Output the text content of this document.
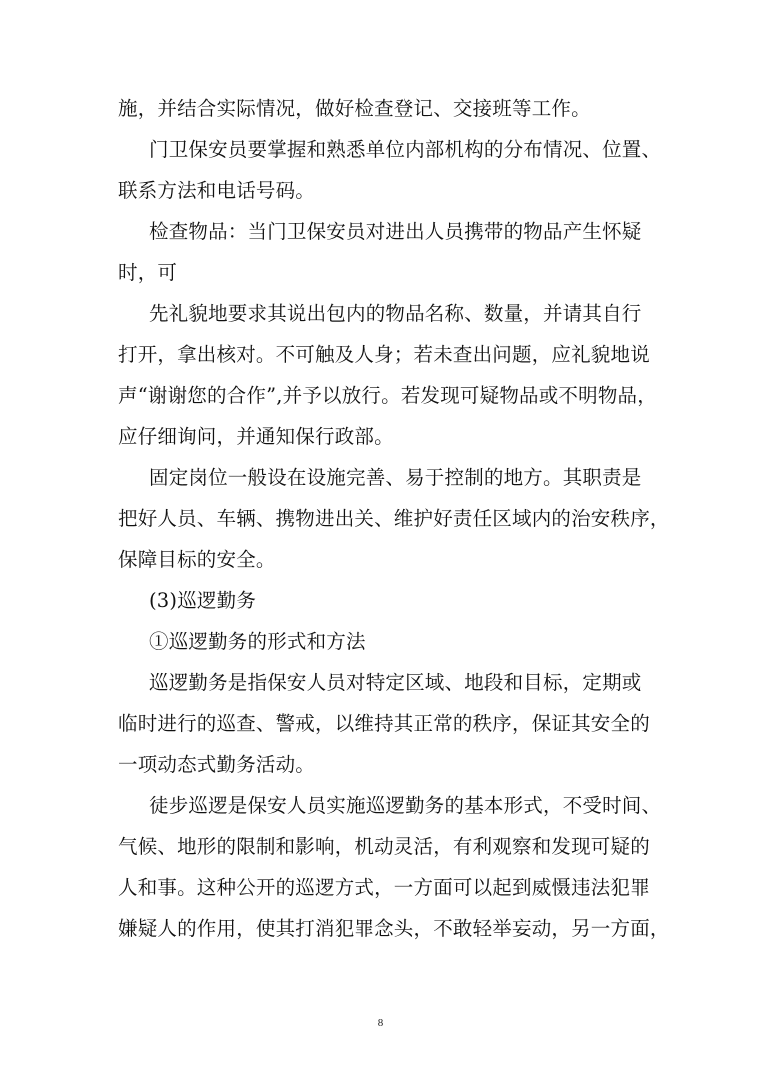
施，并结合实际情况，做好检查登记、交接班等工作。
门卫保安员要掌握和熟悉单位内部机构的分布情况、位置、
联系方法和电话号码。
检查物品：当门卫保安员对进出人员携带的物品产生怀疑
时，可
先礼貌地要求其说出包内的物品名称、数量，并请其自行
打开，拿出核对。不可触及人身；若未查出问题，应礼貌地说
声“谢谢您的合作”,并予以放行。若发现可疑物品或不明物品，
应仔细询问，并通知保行政部。
固定岗位一般设在设施完善、易于控制的地方。其职责是
把好人员、车辆、携物进出关、维护好责任区域内的治安秩序，
保障目标的安全。
(3)巡逻勤务
①巡逻勤务的形式和方法
巡逻勤务是指保安人员对特定区域、地段和目标，定期或
临时进行的巡查、警戒，以维持其正常的秩序，保证其安全的
一项动态式勤务活动。
徒步巡逻是保安人员实施巡逻勤务的基本形式，不受时间、
气候、地形的限制和影响，机动灵活，有利观察和发现可疑的
人和事。这种公开的巡逻方式，一方面可以起到威慑违法犯罪
嫌疑人的作用，使其打消犯罪念头，不敢轻举妄动，另一方面，
8
